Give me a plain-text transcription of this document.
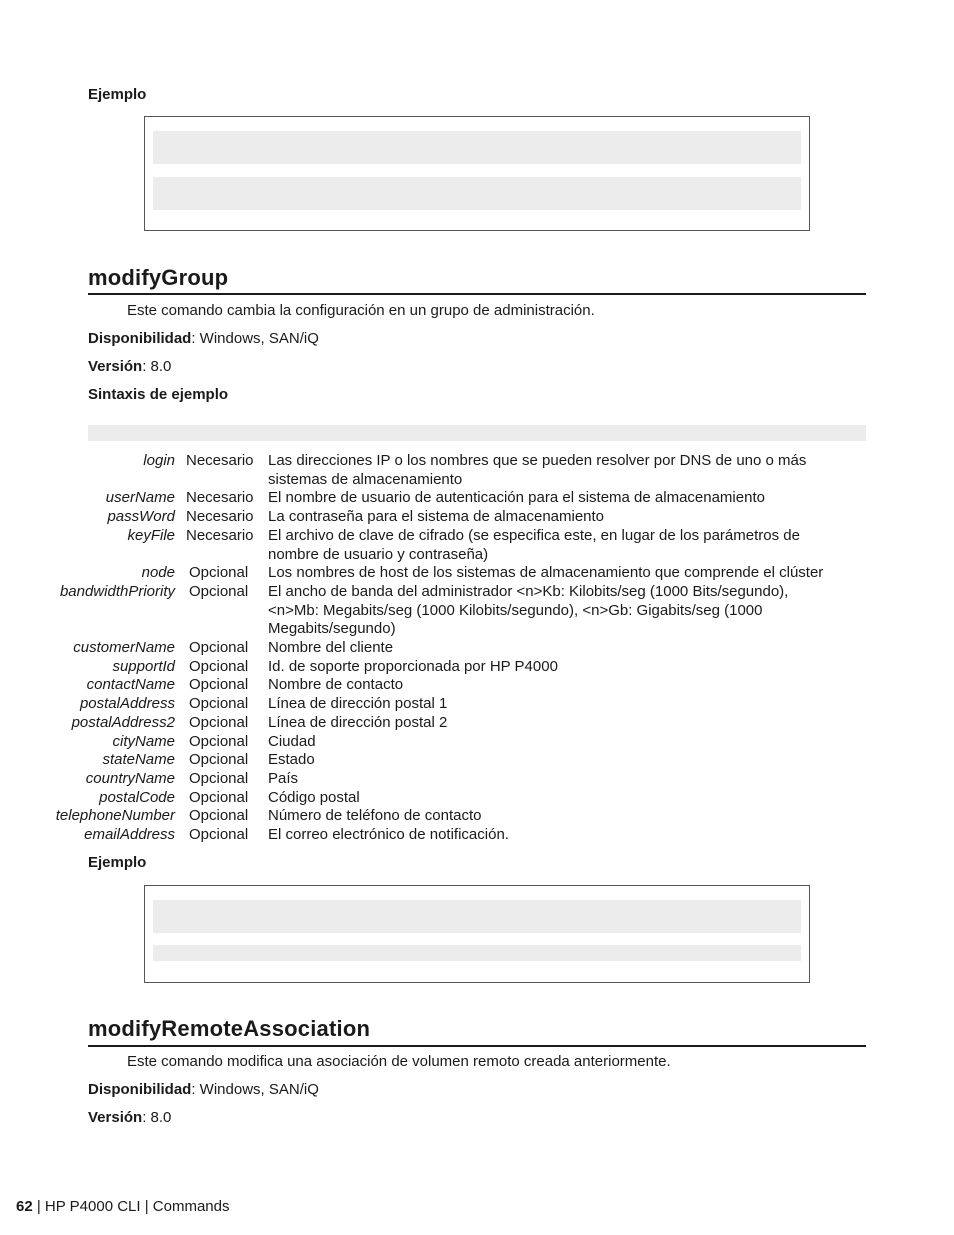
Ejemplo
modifyGroup
Este comando cambia la configuración en un grupo de administración.
Disponibilidad: Windows, SAN/iQ
Versión: 8.0
Sintaxis de ejemplo
login Necesario Las direcciones IP o los nombres que se pueden resolver por DNS de uno o más sistemas de almacenamiento
userName Necesario El nombre de usuario de autenticación para el sistema de almacenamiento
passWord Necesario La contraseña para el sistema de almacenamiento
keyFile Necesario El archivo de clave de cifrado (se especifica este, en lugar de los parámetros de nombre de usuario y contraseña)
node Opcional Los nombres de host de los sistemas de almacenamiento que comprende el clúster
bandwidthPriority Opcional El ancho de banda del administrador <n>Kb: Kilobits/seg (1000 Bits/segundo), <n>Mb: Megabits/seg (1000 Kilobits/segundo), <n>Gb: Gigabits/seg (1000 Megabits/segundo)
customerName Opcional Nombre del cliente
supportId Opcional Id. de soporte proporcionada por HP P4000
contactName Opcional Nombre de contacto
postalAddress Opcional Línea de dirección postal 1
postalAddress2 Opcional Línea de dirección postal 2
cityName Opcional Ciudad
stateName Opcional Estado
countryName Opcional País
postalCode Opcional Código postal
telephoneNumber Opcional Número de teléfono de contacto
emailAddress Opcional El correo electrónico de notificación.
Ejemplo
modifyRemoteAssociation
Este comando modifica una asociación de volumen remoto creada anteriormente.
Disponibilidad: Windows, SAN/iQ
Versión: 8.0
62 | HP P4000 CLI | Commands
